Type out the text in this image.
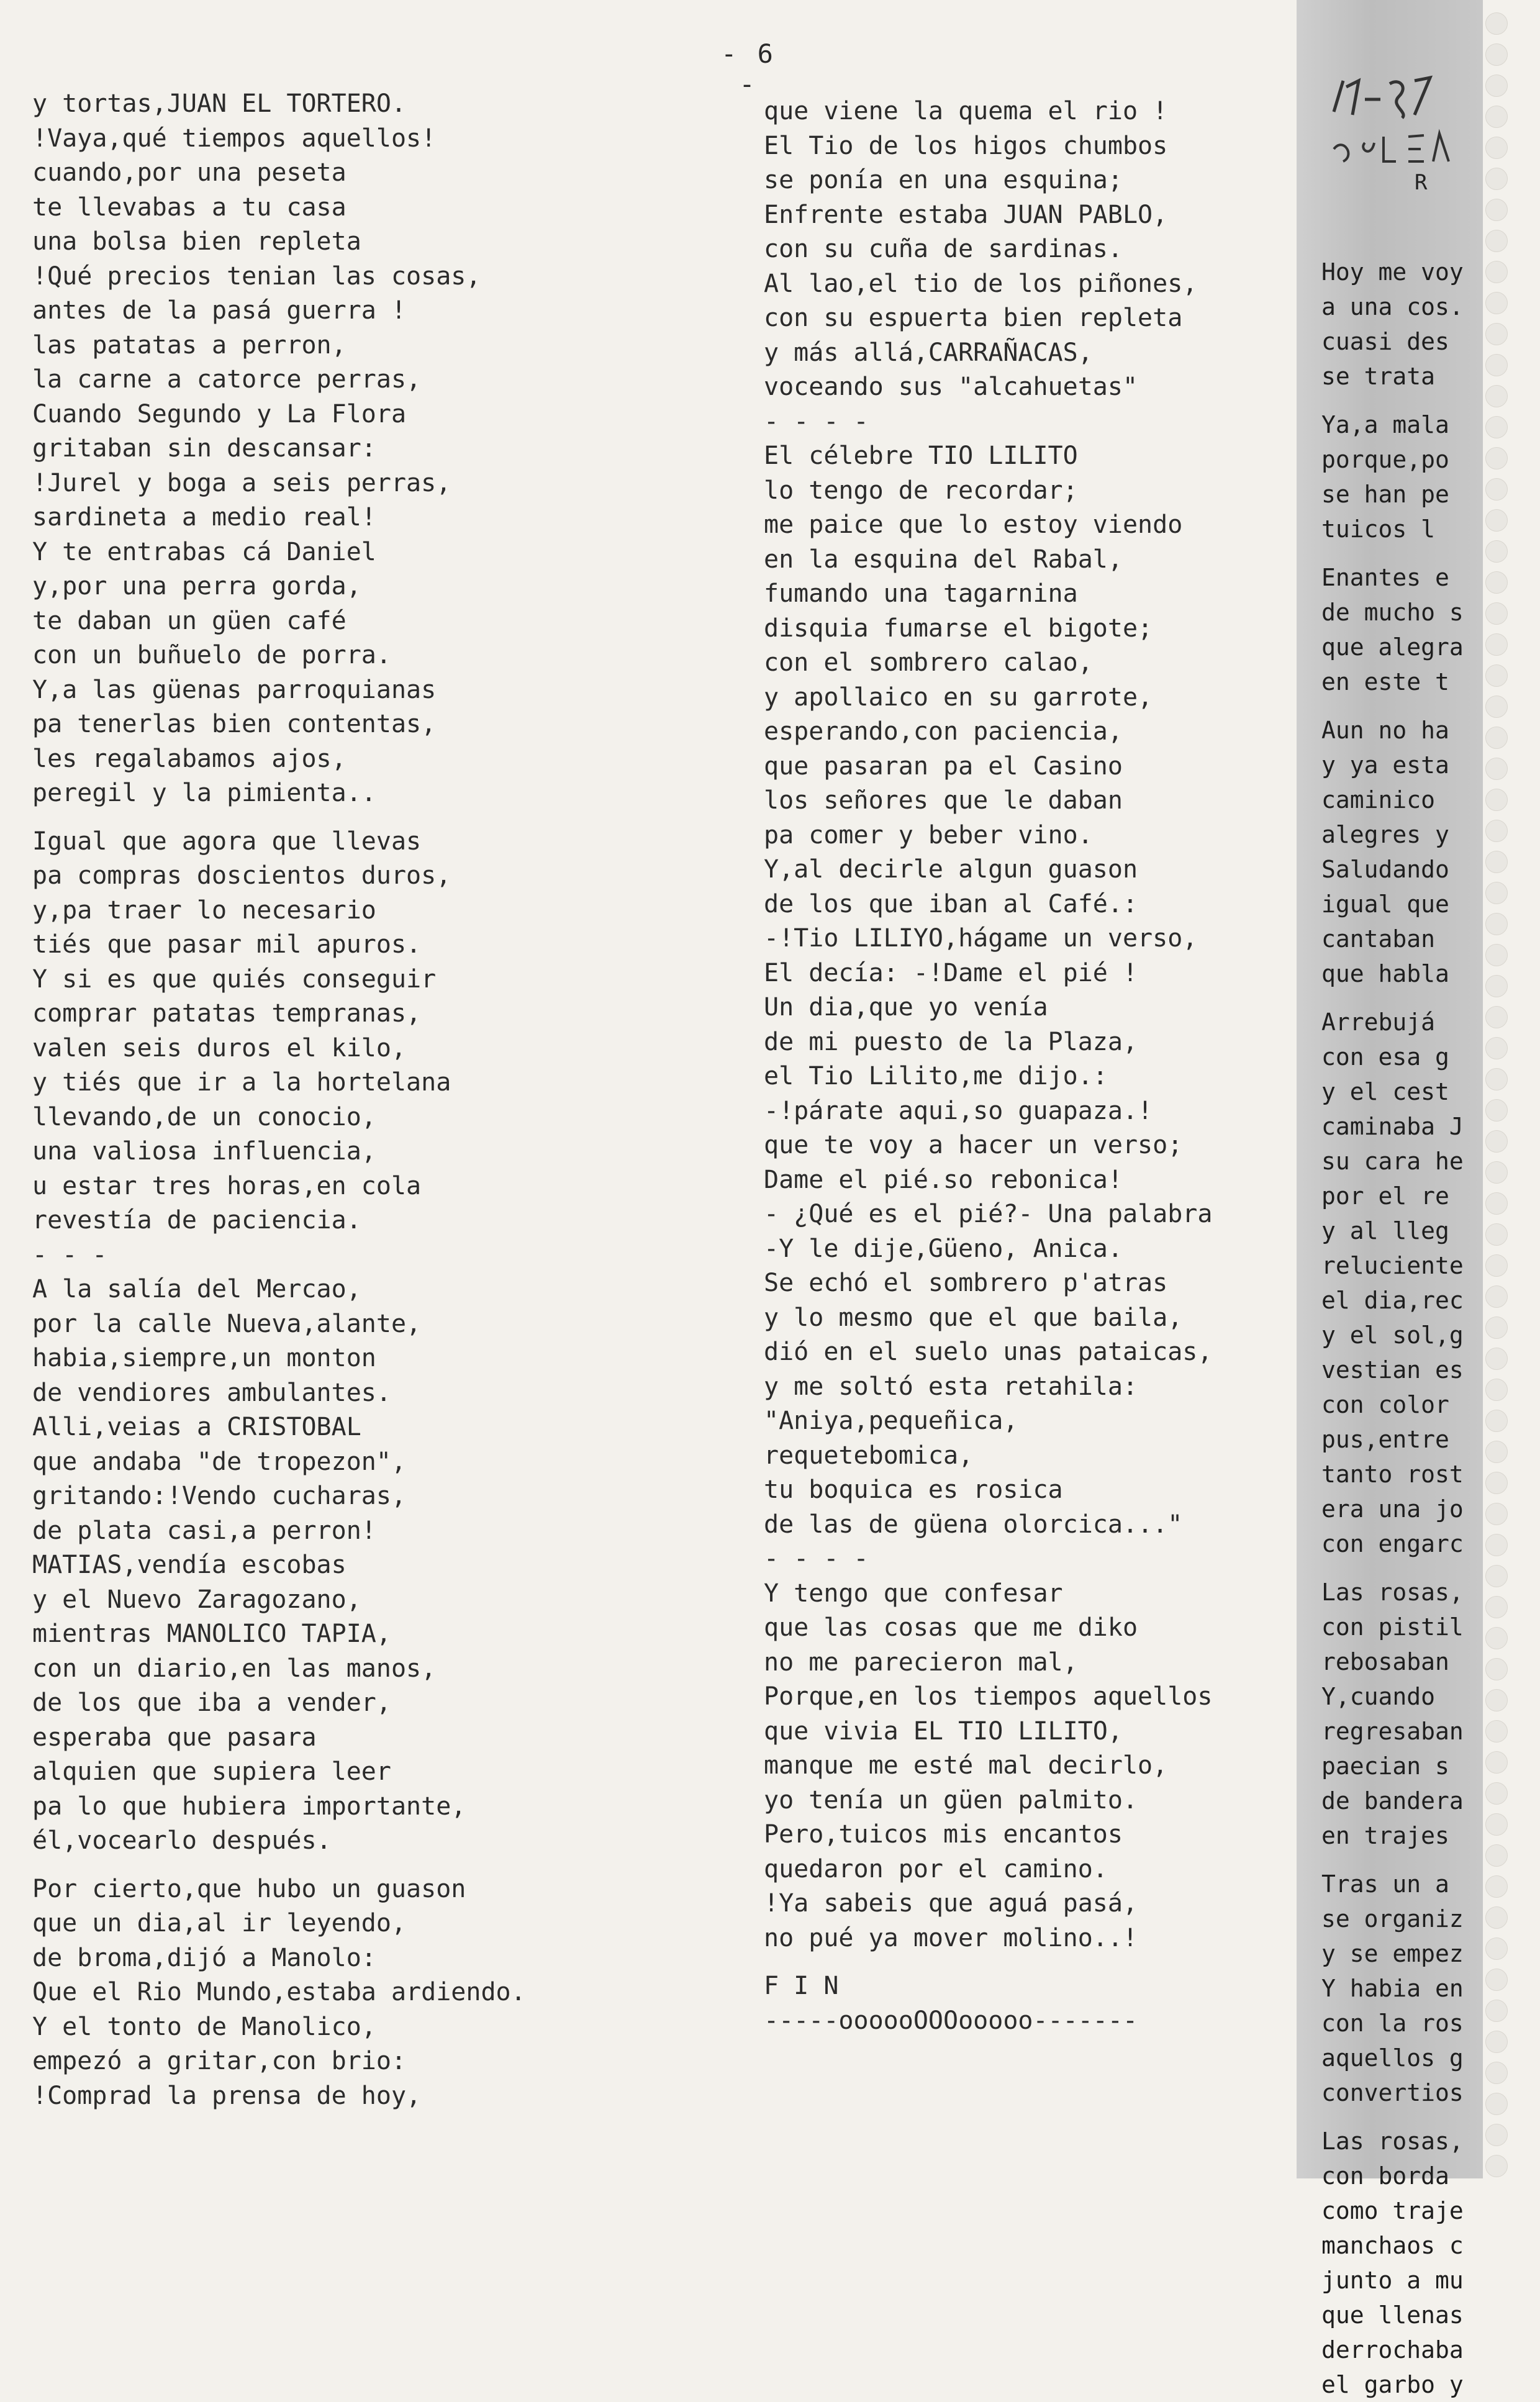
- 6 -
y tortas,JUAN EL TORTERO.
!Vaya,qué tiempos aquellos!
cuando,por una peseta
te llevabas a tu casa
una bolsa bien repleta
!Qué precios tenian las cosas,
antes de la pasá guerra !
las patatas a perron,
la carne a catorce perras,
Cuando Segundo y La Flora
gritaban sin descansar:
!Jurel y boga a seis perras,
sardineta a medio real!
Y te entrabas cá Daniel
y,por una perra gorda,
te daban un güen café
con un buñuelo de porra.
Y,a las güenas parroquianas
pa tenerlas bien contentas,
les regalabamos ajos,
peregil y la pimienta..
Igual que agora que llevas
pa compras doscientos duros,
y,pa traer lo necesario
tiés que pasar mil apuros.
Y si es que quiés conseguir
comprar patatas tempranas,
valen seis duros el kilo,
y tiés que ir a la hortelana
llevando,de un conocio,
una valiosa influencia,
u estar tres horas,en cola
revestía de paciencia.
- - -
A la salía del Mercao,
por la calle Nueva,alante,
habia,siempre,un monton
de vendiores ambulantes.
Alli,veias a CRISTOBAL
que andaba "de tropezon",
gritando:!Vendo cucharas,
de plata casi,a perron!
MATIAS,vendía escobas
y el Nuevo Zaragozano,
mientras MANOLICO TAPIA,
con un diario,en las manos,
de los que iba a vender,
esperaba que pasara
alquien que supiera leer
pa lo que hubiera importante,
él,vocearlo después.
Por cierto,que hubo un guason
que un dia,al ir leyendo,
de broma,dijó a Manolo:
Que el Rio Mundo,estaba ardiendo.
Y el tonto de Manolico,
empezó a gritar,con brio:
!Comprad la prensa de hoy,
que viene la quema el rio !
El Tio de los higos chumbos
se ponía en una esquina;
Enfrente estaba JUAN PABLO,
con su cuña de sardinas.
Al lao,el tio de los piñones,
con su espuerta bien repleta
y más allá,CARRAÑACAS,
voceando sus "alcahuetas"
- - - -
El célebre TIO LILITO
lo tengo de recordar;
me paice que lo estoy viendo
en la esquina del Rabal,
fumando una tagarnina
disquia fumarse el bigote;
con el sombrero calao,
y apollaico en su garrote,
esperando,con paciencia,
que pasaran pa el Casino
los señores que le daban
pa comer y beber vino.
Y,al decirle algun guason
de los que iban al Café.:
-!Tio LILIYO,hágame un verso,
El decía: -!Dame el pié !
Un dia,que yo venía
de mi puesto de la Plaza,
el Tio Lilito,me dijo.:
-!párate aqui,so guapaza.!
que te voy a hacer un verso;
Dame el pié.so rebonica!
- ¿Qué es el pié?- Una palabra
-Y le dije,Güeno, Anica.
Se echó el sombrero p'atras
y lo mesmo que el que baila,
dió en el suelo unas pataicas,
y me soltó esta retahila:
"Aniya,pequeñica,
requetebomica,
tu boquica es rosica
de las de güena olorcica..."
- - - -
Y tengo que confesar
que las cosas que me diko
no me parecieron mal,
Porque,en los tiempos aquellos
que vivia EL TIO LILITO,
manque me esté mal decirlo,
yo tenía un güen palmito.
Pero,tuicos mis encantos
quedaron por el camino.
!Ya sabeis que aguá pasá,
no pué ya mover molino..!
F I N
-----oooooOOOooooo-------
R
Hoy me voy
a una cos.
cuasi des
se trata
Ya,a mala
porque,po
se han pe
tuicos l
Enantes e
de mucho s
que alegra
en este t
Aun no ha
y ya esta
caminico
alegres y
Saludando
igual que
cantaban
que habla
Arrebujá
con esa g
y el cest
caminaba J
su cara he
por el re
y al lleg
reluciente
el dia,rec
y el sol,g
vestian es
con color
pus,entre
tanto rost
era una jo
con engarc
Las rosas,
con pistil
rebosaban
Y,cuando
regresaban
paecian s
de bandera
en trajes
Tras un a
se organiz
y se empez
Y habia en
con la ros
aquellos g
convertios
Las rosas,
con borda
como traje
manchaos c
junto a mu
que llenas
derrochaba
el garbo y
